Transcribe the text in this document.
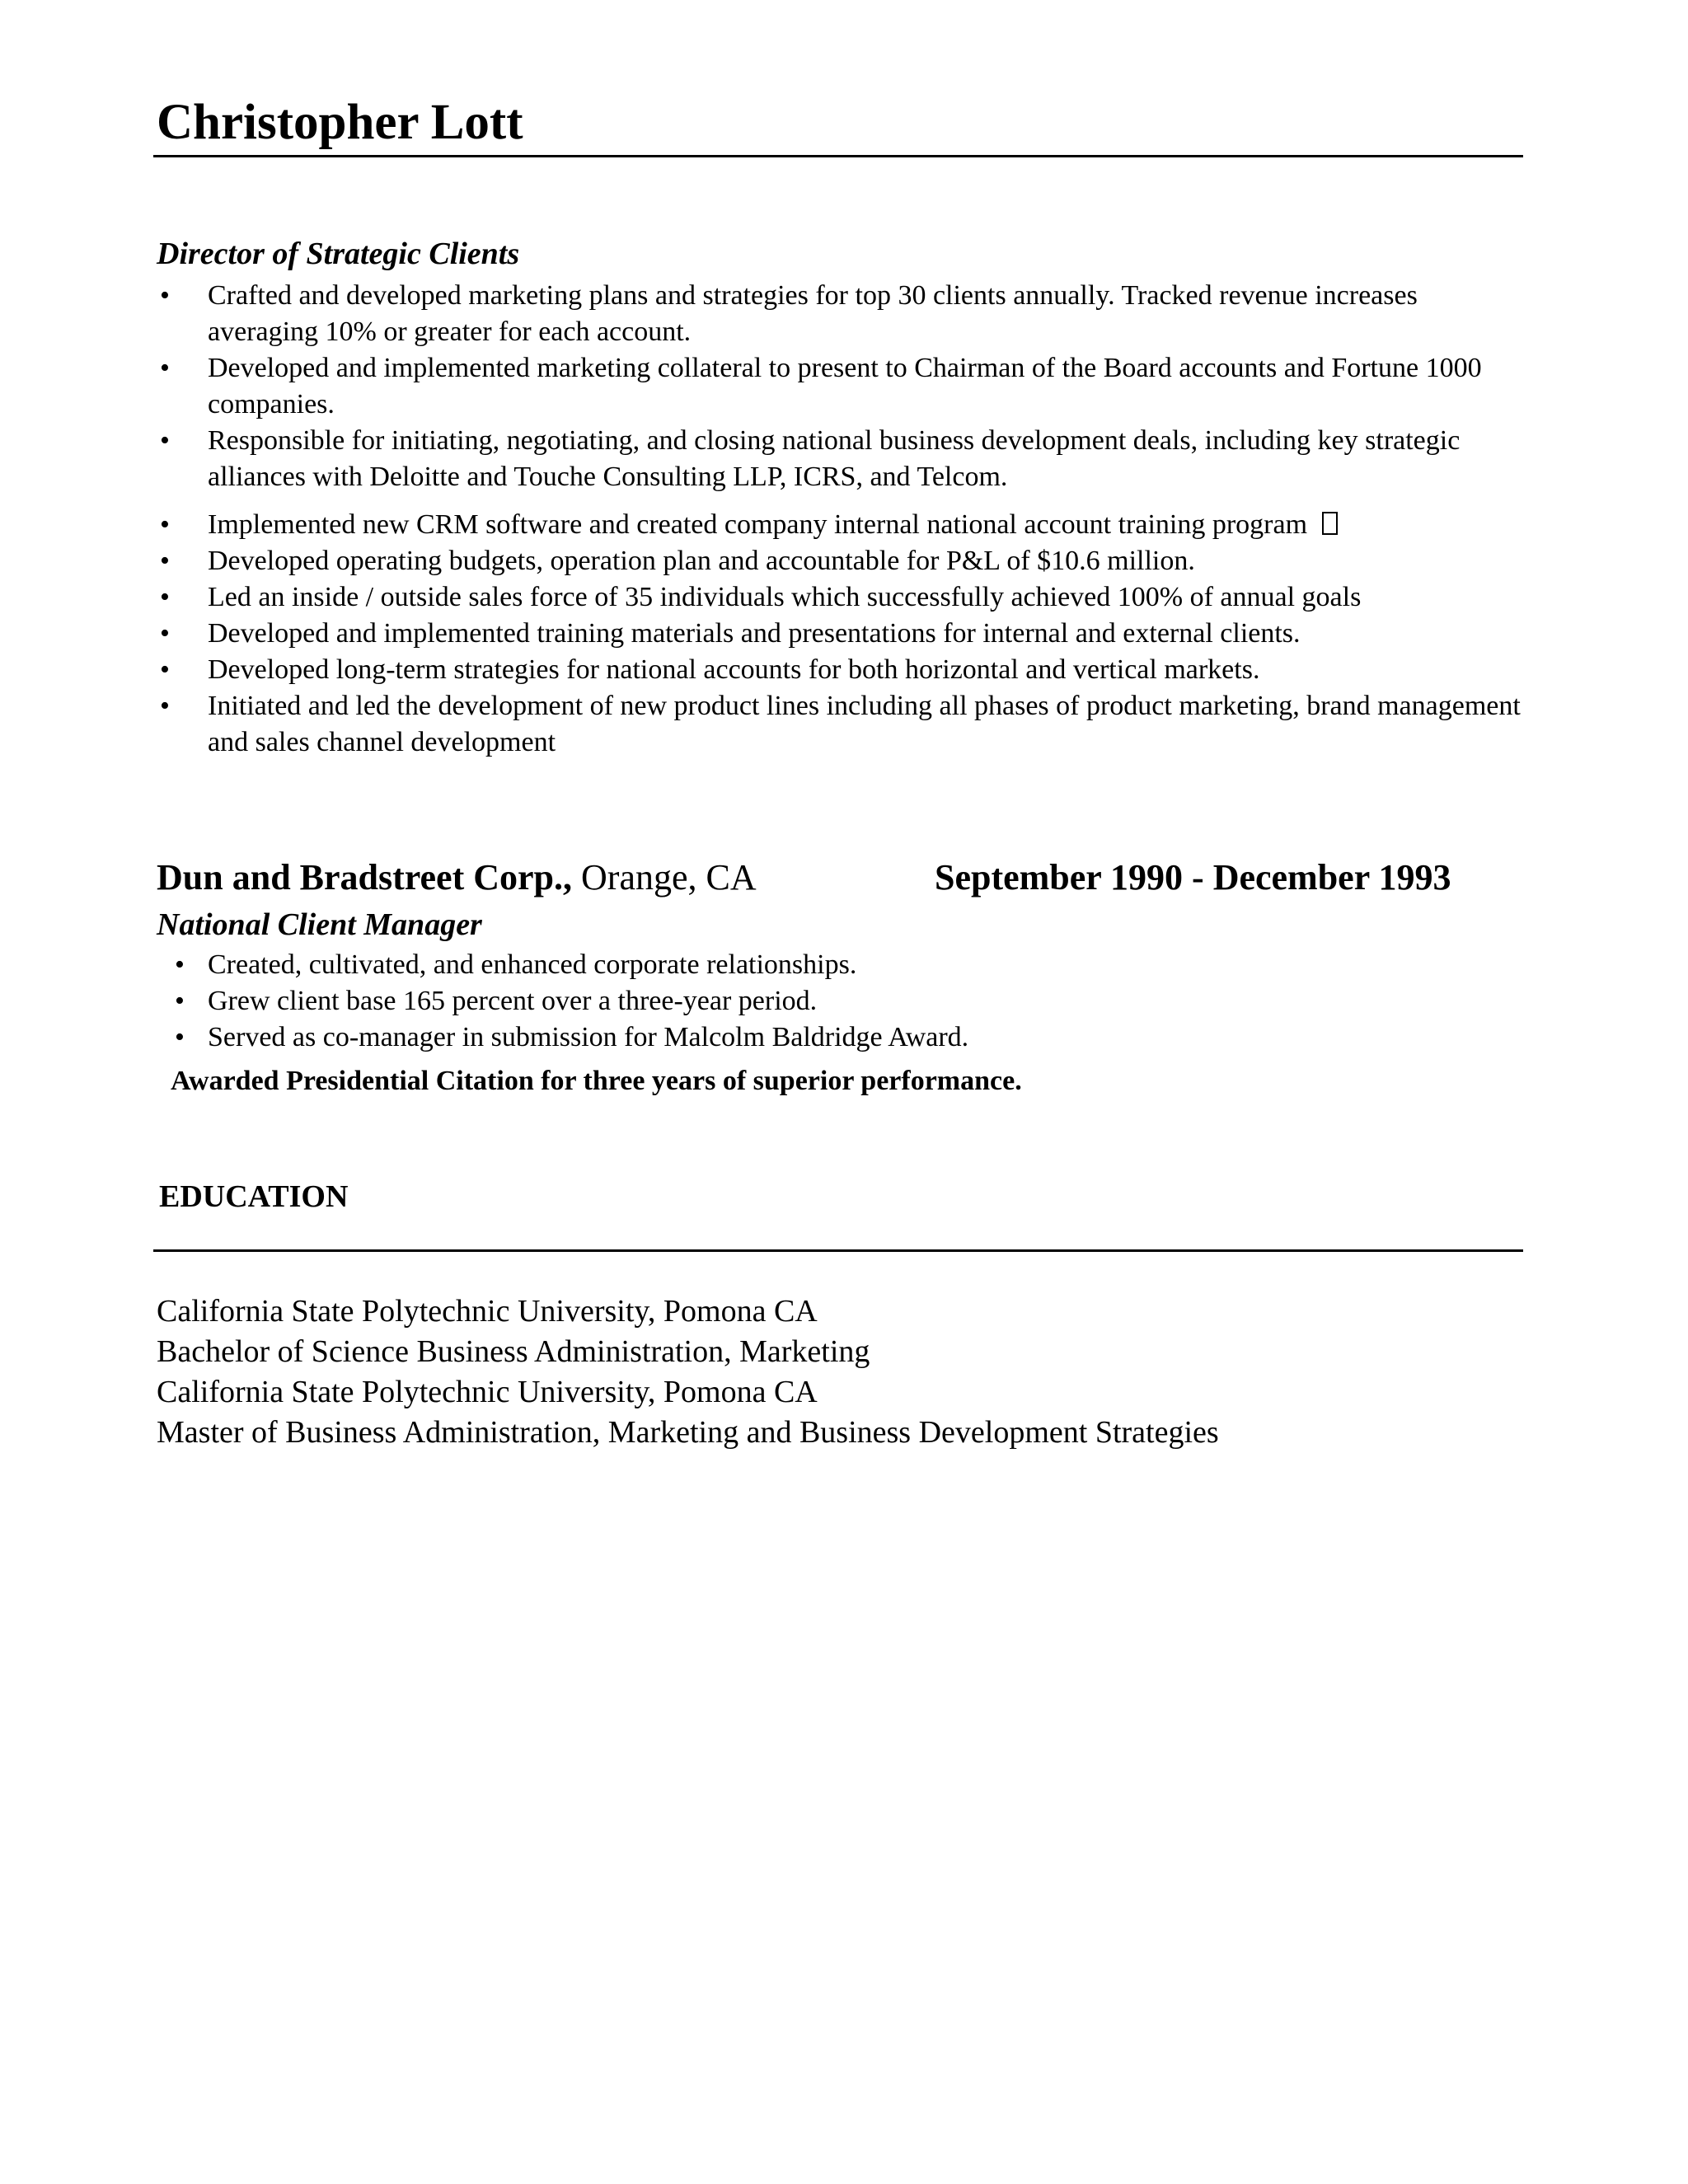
Christopher Lott
Director of Strategic Clients
• Crafted and developed marketing plans and strategies for top 30 clients annually. Tracked revenue increases averaging 10% or greater for each account.
• Developed and implemented marketing collateral to present to Chairman of the Board accounts and Fortune 1000 companies.
• Responsible for initiating, negotiating, and closing national business development deals, including key strategic alliances with Deloitte and Touche Consulting LLP, ICRS, and Telcom.
• Implemented new CRM software and created company internal national account training program
• Developed operating budgets, operation plan and accountable for P&L of $10.6 million.
• Led an inside / outside sales force of 35 individuals which successfully achieved 100% of annual goals
• Developed and implemented training materials and presentations for internal and external clients.
• Developed long-term strategies for national accounts for both horizontal and vertical markets.
• Initiated and led the development of new product lines including all phases of product marketing, brand management and sales channel development
Dun and Bradstreet Corp., Orange, CA	September 1990 - December 1993
National Client Manager
• Created, cultivated, and enhanced corporate relationships.
• Grew client base 165 percent over a three-year period.
• Served as co-manager in submission for Malcolm Baldridge Award.
Awarded Presidential Citation for three years of superior performance.
EDUCATION
California State Polytechnic University, Pomona CA
Bachelor of Science Business Administration, Marketing
California State Polytechnic University, Pomona CA
Master of Business Administration, Marketing and Business Development Strategies
